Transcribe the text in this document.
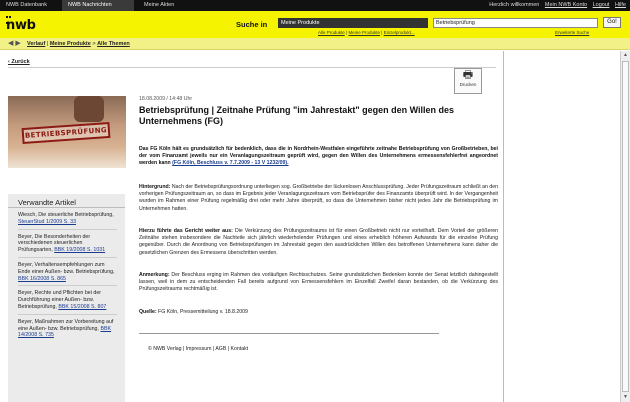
NWB Datenbank	NWB Nachrichten	Meine Akten	Herzlich willkommen Mein NWB Konto Logout Hilfe
nwb	Suche in	Meine Produkte	Betriebsprüfung	Go!
Alle Produkte | Meine Produkte | Einzelprodukt...	Erweiterte Suche
◀ ▶ Verlauf | Meine Produkte > Alle Themen
‹ Zurück
🖶
Drucken
BETRIEBSPRÜFUNG
Verwandte Artikel
Wiesch, Die steuerliche Betriebsprüfung, SteuerStud 1/2009 S. 33
Beyer, Die Besonderheiten der verschiedenen steuerlichen Prüfungsarten, BBK 19/2008 S. 1031
Beyer, Verhaltensempfehlungen zum Ende einer Außen- bzw. Betriebsprüfung, BBK 16/2008 S. 865
Beyer, Rechte und Pflichten bei der Durchführung einer Außen- bzw. Betriebsprüfung, BBK 15/2008 S. 807
Beyer, Maßnahmen zur Vorbereitung auf eine Außen- bzw. Betriebsprüfung, BBK 14/2008 S. 735
18.08.2009 / 14:48 Uhr
Betriebsprüfung | Zeitnahe Prüfung "im Jahrestakt" gegen den Willen des Unternehmens (FG)
Das FG Köln hält es grundsätzlich für bedenklich, dass die in Nordrhein-Westfalen eingeführte zeitnahe Betriebsprüfung von Großbetrieben, bei der vom Finanzamt jeweils nur ein Veranlagungszeitraum geprüft wird, gegen den Willen des Unternehmens ermessensfehlerfrei angeordnet werden kann (FG Köln, Beschluss v. 7.7.2009 - 13 V 1232/09).
Hintergrund: Nach der Betriebsprüfungsordnung unterliegen sog. Großbetriebe der lückenlosen Anschlussprüfung. Jeder Prüfungszeitraum schließt an den vorherigen Prüfungszeitraum an, so dass im Ergebnis jeder Veranlagungszeitraum vom Betriebsprüfer des Finanzamts überprüft wird. In der Vergangenheit wurden im Rahmen einer Prüfung regelmäßig drei oder mehr Jahre überprüft, so dass die Unternehmen bisher nicht jedes Jahr die Betriebsprüfung im Unternehmen hatten.
Hierzu führte das Gericht weiter aus: Die Verkürzung des Prüfungszeitraums ist für einen Großbetrieb nicht nur vorteilhaft. Dem Vorteil der größeren Zeitnähe stehen insbesondere die Nachteile sich jährlich wiederholender Prüfungen und eines erheblich höheren Aufwands für die einzelne Prüfung gegenüber. Durch die Anordnung von Betriebsprüfungen im Jahrestakt gegen den ausdrücklichen Willen des betroffenen Unternehmens kann daher die gesetzlichen Grenzen des Ermessens überschritten werden.
Anmerkung: Der Beschluss erging im Rahmen des vorläufigen Rechtsschutzes. Seine grundsätzlichen Bedenken konnte der Senat letztlich dahingestellt lassen, weil in dem zu entscheidenden Fall bereits aufgrund von Ermessensfehlern im Einzelfall Zweifel daran bestanden, ob die Verkürzung des Prüfungszeitraums rechtmäßig ist.
Quelle: FG Köln, Pressemitteilung v. 18.8.2009
© NWB Verlag | Impressum | AGB | Kontakt
▲
▼
